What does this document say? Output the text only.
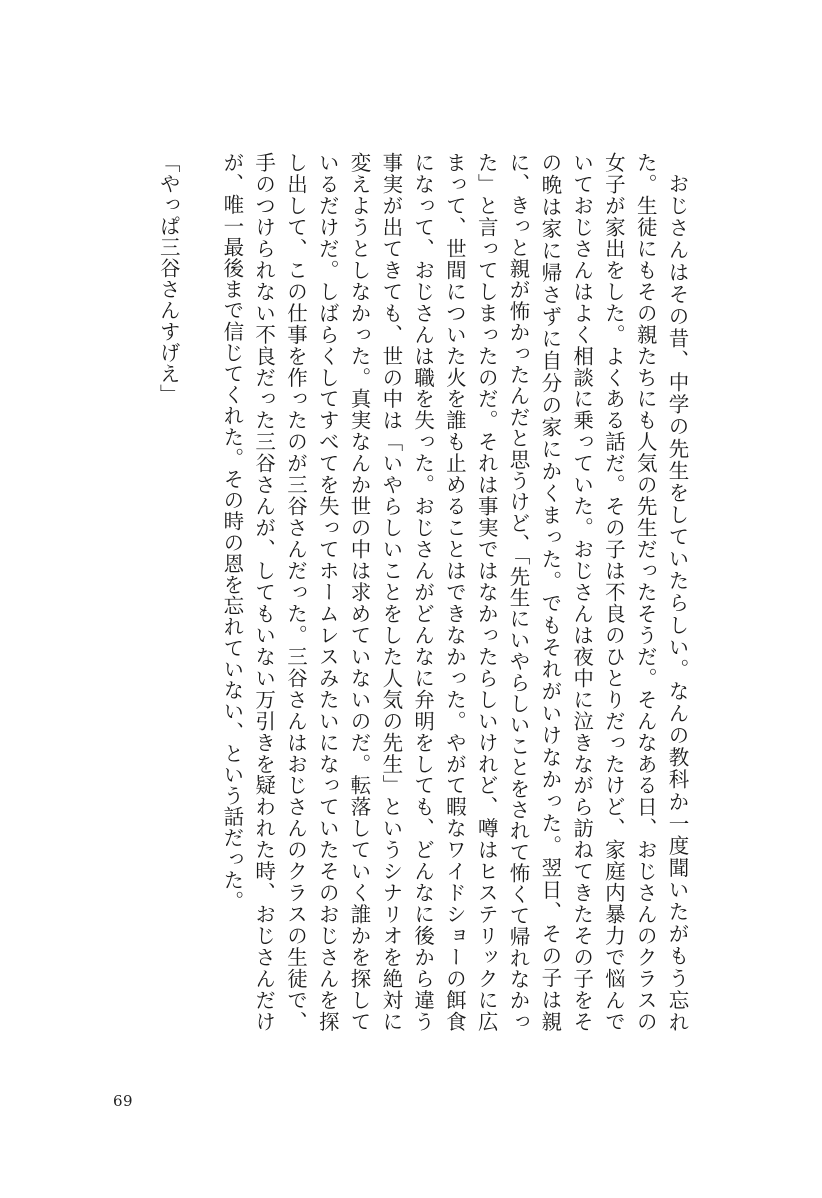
おじさんはその昔、中学の先生をしていたらしい。なんの教科か一度聞いたがもう忘れた。生徒にもその親たちにも人気の先生だったそうだ。そんなある日、おじさんのクラスの女子が家出をした。よくある話だ。その子は不良のひとりだったけど、家庭内暴力で悩んでいておじさんはよく相談に乗っていた。おじさんは夜中に泣きながら訪ねてきたその子をその晩は家に帰さずに自分の家にかくまった。でもそれがいけなかった。翌日、その子は親に、きっと親が怖かったんだと思うけど、「先生にいやらしいことをされて怖くて帰れなかった」と言ってしまったのだ。それは事実ではなかったらしいけれど、噂はヒステリックに広まって、世間についた火を誰も止めることはできなかった。やがて暇なワイドショーの餌食になって、おじさんは職を失った。おじさんがどんなに弁明をしても、どんなに後から違う事実が出てきても、世の中は「いやらしいことをした人気の先生」というシナリオを絶対に変えようとしなかった。真実なんか世の中は求めていないのだ。転落していく誰かを探しているだけだ。しばらくしてすべてを失ってホームレスみたいになっていたそのおじさんを探し出して、この仕事を作ったのが三谷さんだった。三谷さんはおじさんのクラスの生徒で、手のつけられない不良だった三谷さんが、してもいない万引きを疑われた時、おじさんだけが、唯一最後まで信じてくれた。その時の恩を忘れていない、という話だった。

「やっぱ三谷さんすげえ」

69
